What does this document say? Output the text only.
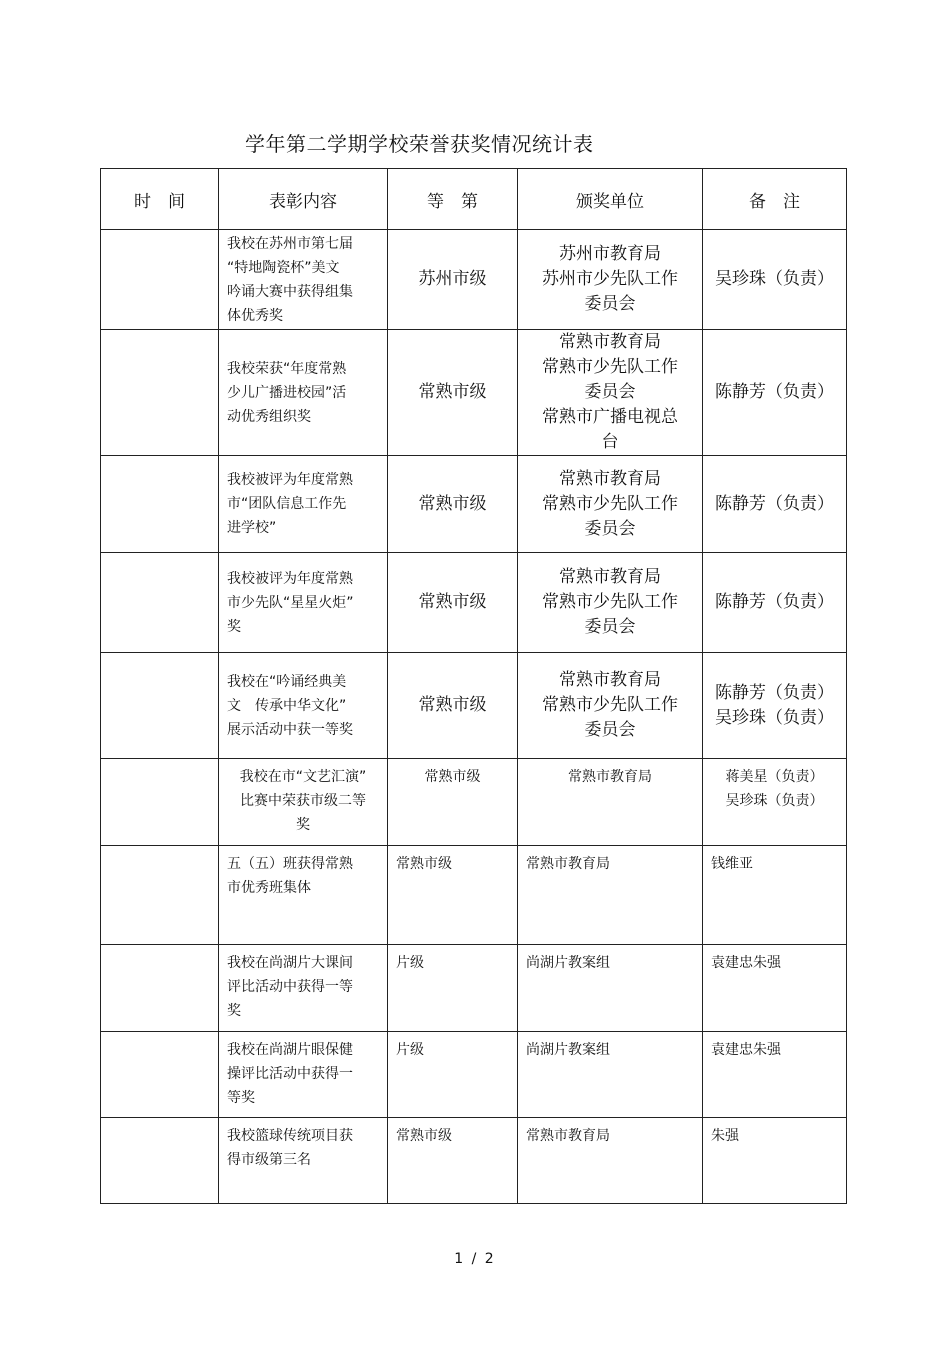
学年第二学期学校荣誉获奖情况统计表
时　间	表彰内容	等　第	颁奖单位	备　注

	我校在苏州市第七届
“特地陶瓷杯”美文
吟诵大赛中获得组集
体优秀奖	苏州市级	苏州市教育局
苏州市少先队工作
委员会	吴珍珠（负责）

	我校荣获“年度常熟
少儿广播进校园”活
动优秀组织奖	常熟市级	常熟市教育局
常熟市少先队工作
委员会
常熟市广播电视总
台	陈静芳（负责）

	我校被评为年度常熟
市“团队信息工作先
进学校”	常熟市级	常熟市教育局
常熟市少先队工作
委员会	陈静芳（负责）

	我校被评为年度常熟
市少先队“星星火炬”
奖	常熟市级	常熟市教育局
常熟市少先队工作
委员会	陈静芳（负责）

	我校在“吟诵经典美
文　传承中华文化”
展示活动中获一等奖	常熟市级	常熟市教育局
常熟市少先队工作
委员会	陈静芳（负责）
吴珍珠（负责）

	我校在市“文艺汇演”
比赛中荣获市级二等
奖	常熟市级	常熟市教育局	蒋美星（负责）
吴珍珠（负责）

	五（五）班获得常熟
市优秀班集体	常熟市级	常熟市教育局	钱维亚

	我校在尚湖片大课间
评比活动中获得一等
奖	片级	尚湖片教案组	袁建忠朱强

	我校在尚湖片眼保健
操评比活动中获得一
等奖	片级	尚湖片教案组	袁建忠朱强

	我校篮球传统项目获
得市级第三名	常熟市级	常熟市教育局	朱强
1 / 2
